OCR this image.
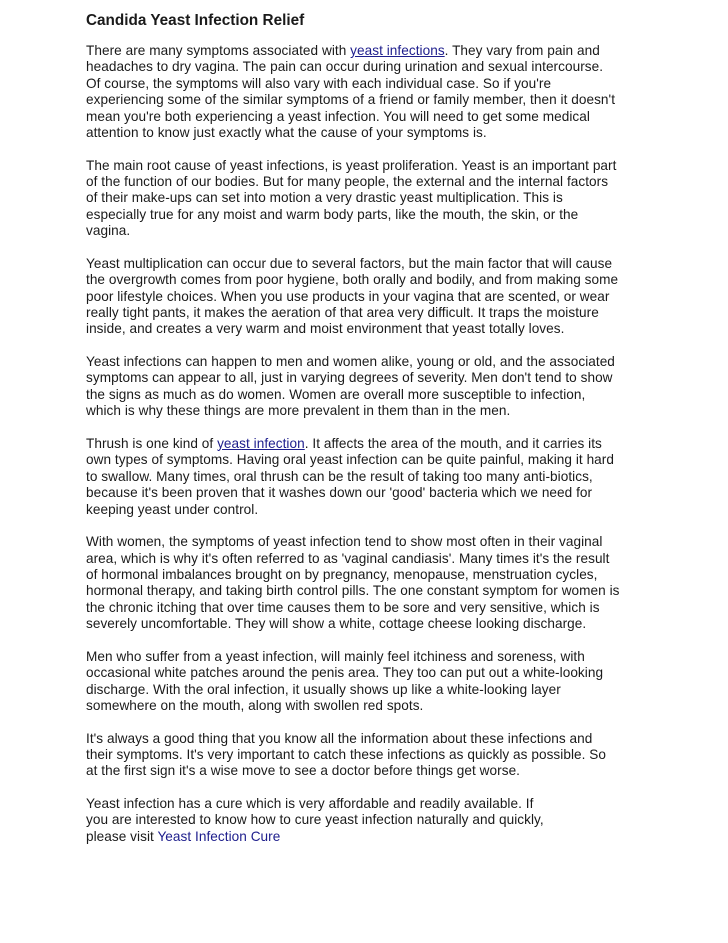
Candida Yeast Infection Relief

There are many symptoms associated with yeast infections. They vary from pain and
headaches to dry vagina. The pain can occur during urination and sexual intercourse.
Of course, the symptoms will also vary with each individual case. So if you're
experiencing some of the similar symptoms of a friend or family member, then it doesn't
mean you're both experiencing a yeast infection. You will need to get some medical
attention to know just exactly what the cause of your symptoms is.

The main root cause of yeast infections, is yeast proliferation. Yeast is an important part
of the function of our bodies. But for many people, the external and the internal factors
of their make-ups can set into motion a very drastic yeast multiplication. This is
especially true for any moist and warm body parts, like the mouth, the skin, or the
vagina.

Yeast multiplication can occur due to several factors, but the main factor that will cause
the overgrowth comes from poor hygiene, both orally and bodily, and from making some
poor lifestyle choices. When you use products in your vagina that are scented, or wear
really tight pants, it makes the aeration of that area very difficult. It traps the moisture
inside, and creates a very warm and moist environment that yeast totally loves.

Yeast infections can happen to men and women alike, young or old, and the associated
symptoms can appear to all, just in varying degrees of severity. Men don't tend to show
the signs as much as do women. Women are overall more susceptible to infection,
which is why these things are more prevalent in them than in the men.

Thrush is one kind of yeast infection. It affects the area of the mouth, and it carries its
own types of symptoms. Having oral yeast infection can be quite painful, making it hard
to swallow. Many times, oral thrush can be the result of taking too many anti-biotics,
because it's been proven that it washes down our 'good' bacteria which we need for
keeping yeast under control.

With women, the symptoms of yeast infection tend to show most often in their vaginal
area, which is why it's often referred to as 'vaginal candiasis'. Many times it's the result
of hormonal imbalances brought on by pregnancy, menopause, menstruation cycles,
hormonal therapy, and taking birth control pills. The one constant symptom for women is
the chronic itching that over time causes them to be sore and very sensitive, which is
severely uncomfortable. They will show a white, cottage cheese looking discharge.

Men who suffer from a yeast infection, will mainly feel itchiness and soreness, with
occasional white patches around the penis area. They too can put out a white-looking
discharge. With the oral infection, it usually shows up like a white-looking layer
somewhere on the mouth, along with swollen red spots.

It's always a good thing that you know all the information about these infections and
their symptoms. It's very important to catch these infections as quickly as possible. So
at the first sign it's a wise move to see a doctor before things get worse.

Yeast infection has a cure which is very affordable and readily available. If
you are interested to know how to cure yeast infection naturally and quickly,
please visit Yeast Infection Cure
